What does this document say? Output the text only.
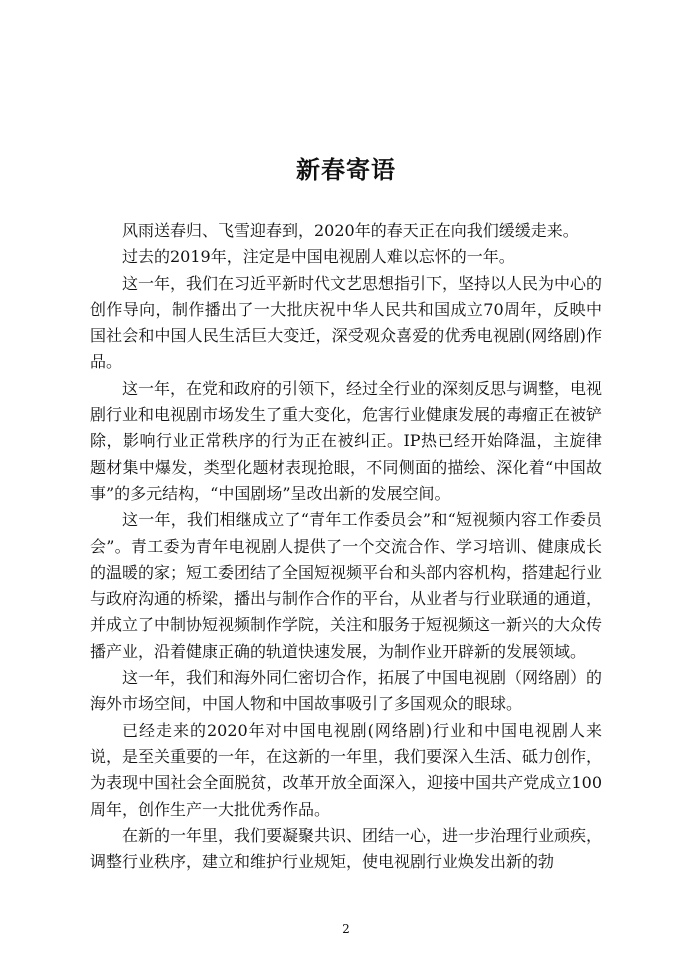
新春寄语

风雨送春归、飞雪迎春到，2020年的春天正在向我们缓缓走来。

过去的2019年，注定是中国电视剧人难以忘怀的一年。

这一年，我们在习近平新时代文艺思想指引下，坚持以人民为中心的创作导向，制作播出了一大批庆祝中华人民共和国成立70周年，反映中国社会和中国人民生活巨大变迁，深受观众喜爱的优秀电视剧(网络剧)作品。

这一年，在党和政府的引领下，经过全行业的深刻反思与调整，电视剧行业和电视剧市场发生了重大变化，危害行业健康发展的毒瘤正在被铲除，影响行业正常秩序的行为正在被纠正。IP热已经开始降温，主旋律题材集中爆发，类型化题材表现抢眼，不同侧面的描绘、深化着“中国故事”的多元结构，“中国剧场”呈改出新的发展空间。

这一年，我们相继成立了“青年工作委员会”和“短视频内容工作委员会”。青工委为青年电视剧人提供了一个交流合作、学习培训、健康成长的温暖的家；短工委团结了全国短视频平台和头部内容机构，搭建起行业与政府沟通的桥梁，播出与制作合作的平台，从业者与行业联通的通道，并成立了中制协短视频制作学院，关注和服务于短视频这一新兴的大众传播产业，沿着健康正确的轨道快速发展，为制作业开辟新的发展领域。

这一年，我们和海外同仁密切合作，拓展了中国电视剧（网络剧）的海外市场空间，中国人物和中国故事吸引了多国观众的眼球。

已经走来的2020年对中国电视剧(网络剧)行业和中国电视剧人来说，是至关重要的一年，在这新的一年里，我们要深入生活、砥力创作，为表现中国社会全面脱贫，改革开放全面深入，迎接中国共产党成立100周年，创作生产一大批优秀作品。

在新的一年里，我们要凝聚共识、团结一心，进一步治理行业顽疾，调整行业秩序，建立和维护行业规矩，使电视剧行业焕发出新的勃

2
